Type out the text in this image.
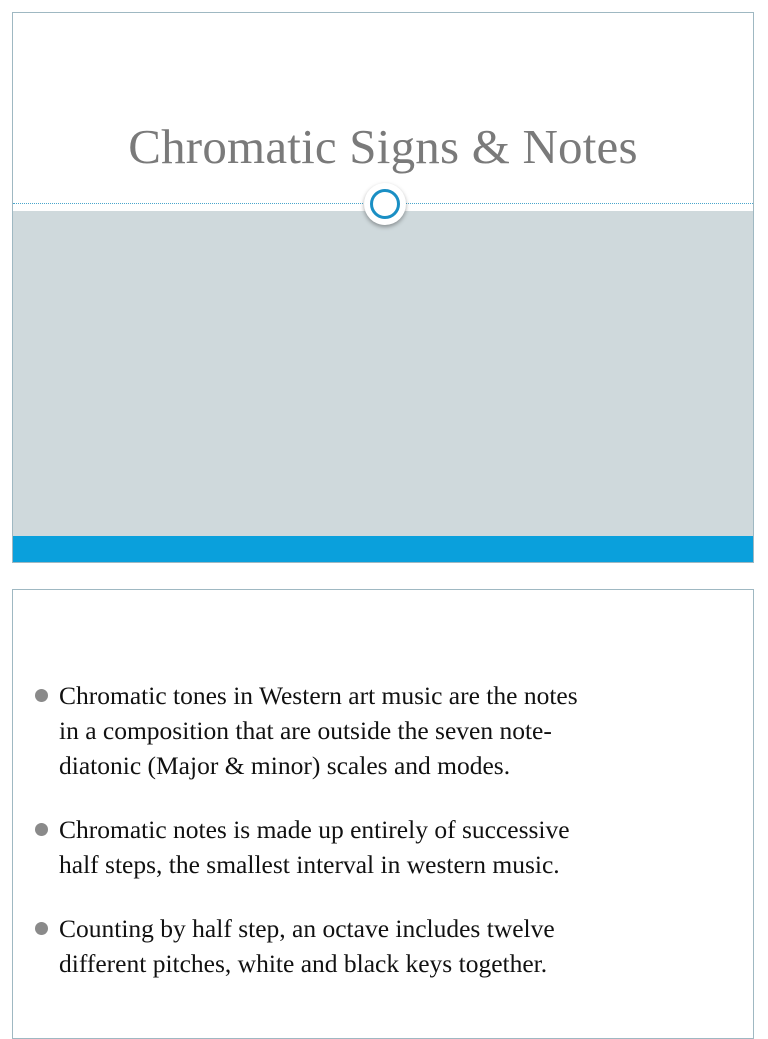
Chromatic Signs & Notes
Chromatic tones in Western art music are the notes
in a composition that are outside the seven note-
diatonic (Major & minor) scales and modes.
Chromatic notes is made up entirely of successive
half steps, the smallest interval in western music.
Counting by half step, an octave includes twelve
different pitches, white and black keys together.
